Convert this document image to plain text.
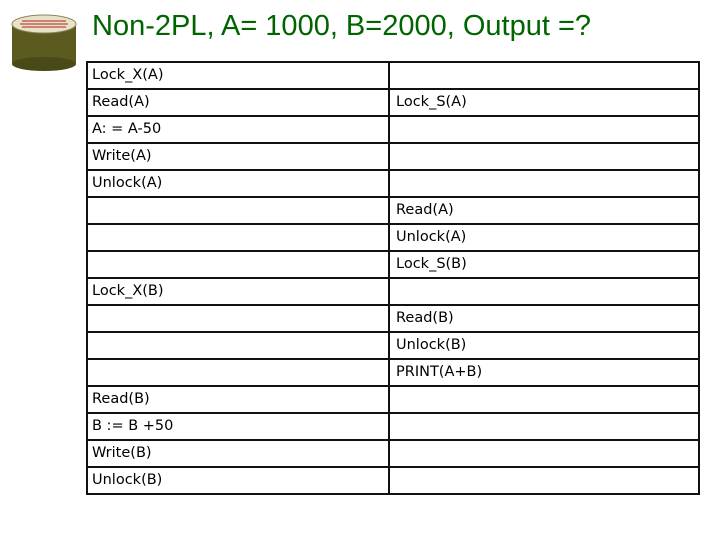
Non-2PL, A= 1000, B=2000, Output =?
Lock_X(A)	
Read(A)	Lock_S(A)
A: = A-50	
Write(A)	
Unlock(A)	
	Read(A)
	Unlock(A)
	Lock_S(B)
Lock_X(B)	
	Read(B)
	Unlock(B)
	PRINT(A+B)
Read(B)	
B := B +50	
Write(B)	
Unlock(B)	
